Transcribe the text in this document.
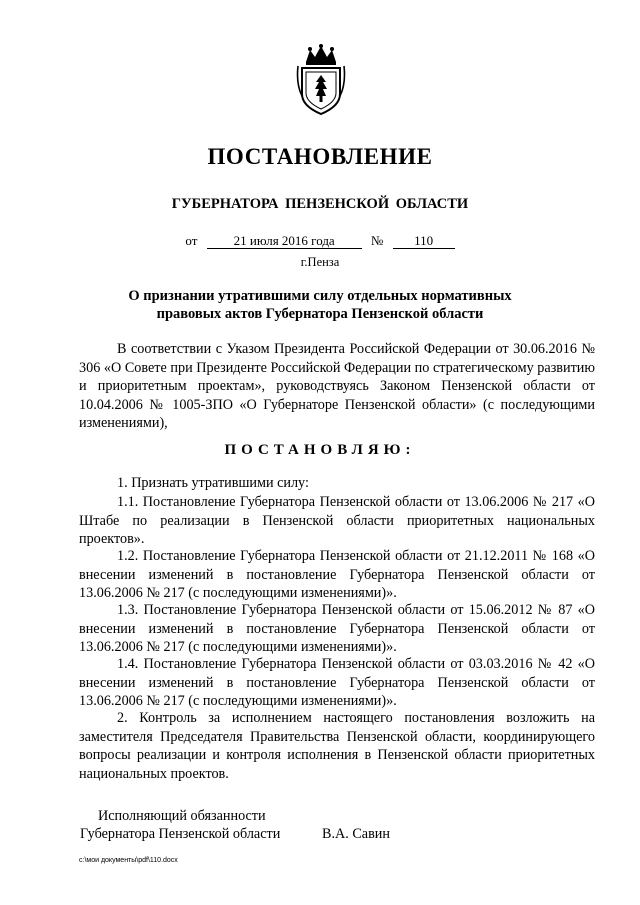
ПОСТАНОВЛЕНИЕ
ГУБЕРНАТОРА ПЕНЗЕНСКОЙ ОБЛАСТИ
от	21 июля 2016 года	№ 110
г.Пенза
О признании утратившими силу отдельных нормативных
правовых актов Губернатора Пензенской области

В соответствии с Указом Президента Российской Федерации от 30.06.2016 № 306 «О Совете при Президенте Российской Федерации по стратегическому развитию и приоритетным проектам», руководствуясь Законом Пензенской области от 10.04.2006 № 1005-ЗПО «О Губернаторе Пензенской области» (с последующими изменениями),

ПОСТАНОВЛЯЮ:

1. Признать утратившими силу:

1.1. Постановление Губернатора Пензенской области от 13.06.2006 № 217 «О Штабе по реализации в Пензенской области приоритетных национальных проектов».

1.2. Постановление Губернатора Пензенской области от 21.12.2011 № 168 «О внесении изменений в постановление Губернатора Пензенской области от 13.06.2006 № 217 (с последующими изменениями)».

1.3. Постановление Губернатора Пензенской области от 15.06.2012 № 87 «О внесении изменений в постановление Губернатора Пензенской области от 13.06.2006 № 217 (с последующими изменениями)».

1.4. Постановление Губернатора Пензенской области от 03.03.2016 № 42 «О внесении изменений в постановление Губернатора Пензенской области от 13.06.2006 № 217 (с последующими изменениями)».

2. Контроль за исполнением настоящего постановления возложить на заместителя Председателя Правительства Пензенской области, координирующего вопросы реализации и контроля исполнения в Пензенской области приоритетных национальных проектов.

Исполняющий обязанности
Губернатора Пензенской области	В.А. Савин
c:\мои документы\pdf\110.docx
